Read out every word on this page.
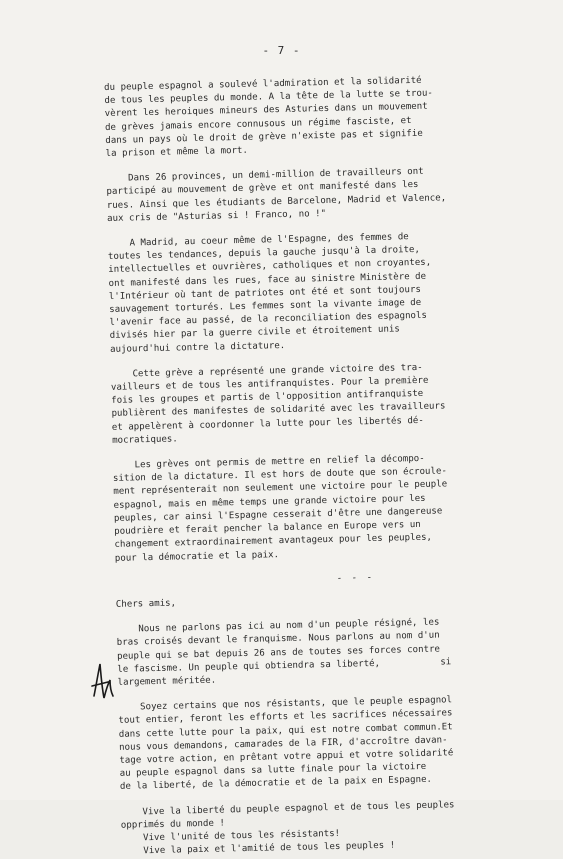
- 7 -
du peuple espagnol a soulevé l'admiration et la solidarité
de tous les peuples du monde. A la tête de la lutte se trou-
vèrent les heroiques mineurs des Asturies dans un mouvement
de grèves jamais encore connusous un régime fasciste, et
dans un pays où le droit de grève n'existe pas et signifie
la prison et même la mort.
Dans 26 provinces, un demi-million de travailleurs ont
participé au mouvement de grève et ont manifesté dans les
rues. Ainsi que les étudiants de Barcelone, Madrid et Valence,
aux cris de "Asturias si ! Franco, no !"
A Madrid, au coeur même de l'Espagne, des femmes de
toutes les tendances, depuis la gauche jusqu'à la droite,
intellectuelles et ouvrières, catholiques et non croyantes,
ont manifesté dans les rues, face au sinistre Ministère de
l'Intérieur où tant de patriotes ont été et sont toujours
sauvagement torturés. Les femmes sont la vivante image de
l'avenir face au passé, de la reconciliation des espagnols
divisés hier par la guerre civile et étroitement unis
aujourd'hui contre la dictature.
Cette grève a représenté une grande victoire des tra-
vailleurs et de tous les antifranquistes. Pour la première
fois les groupes et partis de l'opposition antifranquiste
publièrent des manifestes de solidarité avec les travailleurs
et appelèrent à coordonner la lutte pour les libertés dé-
mocratiques.
Les grèves ont permis de mettre en relief la décompo-
sition de la dictature. Il est hors de doute que son écroule-
ment représenterait non seulement une victoire pour le peuple
espagnol, mais en même temps une grande victoire pour les
peuples, car ainsi l'Espagne cesserait d'être une dangereuse
poudrière et ferait pencher la balance en Europe vers un
changement extraordinairement avantageux pour les peuples,
pour la démocratie et la paix.
- - -
Chers amis,
Nous ne parlons pas ici au nom d'un peuple résigné, les
bras croisés devant le franquisme. Nous parlons au nom d'un
peuple qui se bat depuis 26 ans de toutes ses forces contre
le fascisme. Un peuple qui obtiendra sa liberté,           si
largement méritée.
Soyez certains que nos résistants, que le peuple espagnol
tout entier, feront les efforts et les sacrifices nécessaires
dans cette lutte pour la paix, qui est notre combat commun.Et
nous vous demandons, camarades de la FIR, d'accroître davan-
tage votre action, en prêtant votre appui et votre solidarité
au peuple espagnol dans sa lutte finale pour la victoire
de la liberté, de la démocratie et de la paix en Espagne.
Vive la liberté du peuple espagnol et de tous les peuples
opprimés du monde !
Vive l'unité de tous les résistants!
Vive la paix et l'amitié de tous les peuples !
